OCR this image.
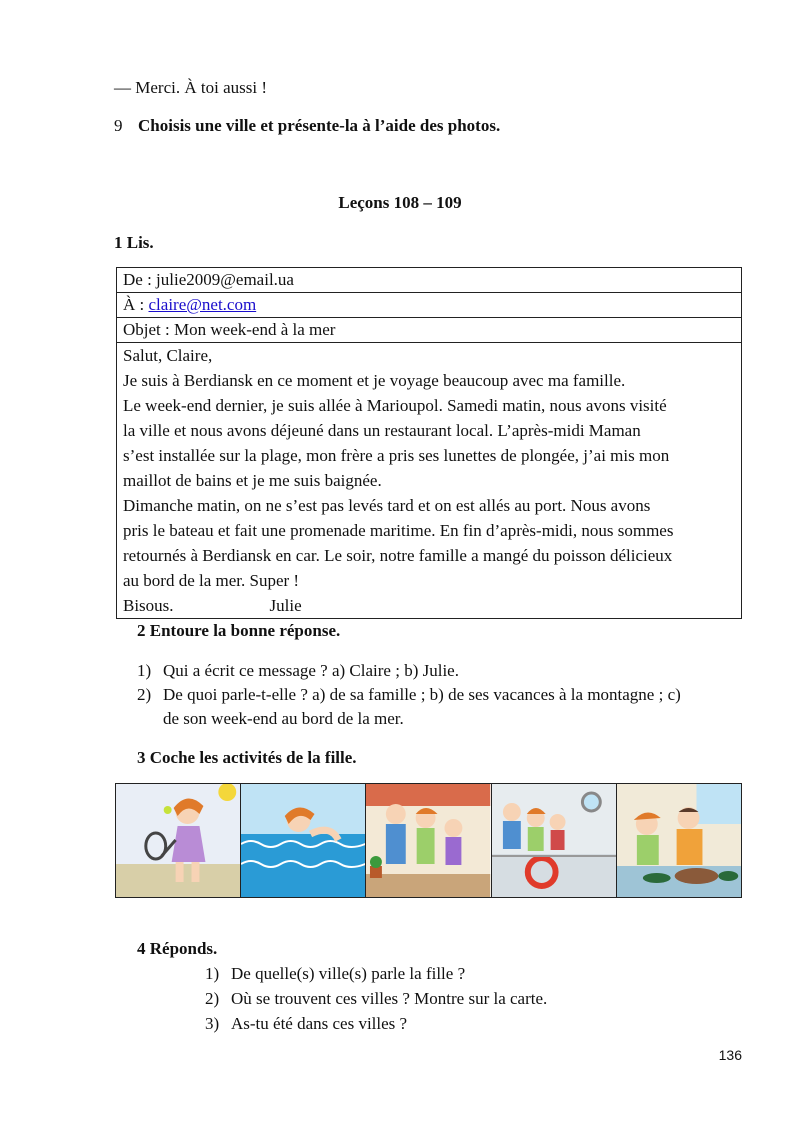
— Merci. À toi aussi !
9 Choisis une ville et présente-la à l’aide des photos.
Leçons 108 – 109
1 Lis.
De : julie2009@email.ua
À : claire@net.com
Objet : Mon week-end à la mer
Salut, Claire,
Je suis à Berdiansk en ce moment et je voyage beaucoup avec ma famille.
Le week-end dernier, je suis allée à Marioupol. Samedi matin, nous avons visité
la ville et nous avons déjeuné dans un restaurant local. L’après-midi Maman
s’est installée sur la plage, mon frère a pris ses lunettes de plongée, j’ai mis mon
maillot de bains et je me suis baignée.
Dimanche matin, on ne s’est pas levés tard et on est allés au port. Nous avons
pris le bateau et fait une promenade maritime. En fin d’après-midi, nous sommes
retournés à Berdiansk en car. Le soir, notre famille a mangé du poisson délicieux
au bord de la mer. Super !
Bisous.	Julie
2 Entoure la bonne réponse.
1) Qui a écrit ce message ? a) Claire ; b) Julie.
2) De quoi parle-t-elle ? a) de sa famille ; b) de ses vacances à la montagne ; c)
de son week-end au bord de la mer.
3 Coche les activités de la fille.
4 Réponds.
1) De quelle(s) ville(s) parle la fille ?
2) Où se trouvent ces villes ? Montre sur la carte.
3) As-tu été dans ces villes ?
136
